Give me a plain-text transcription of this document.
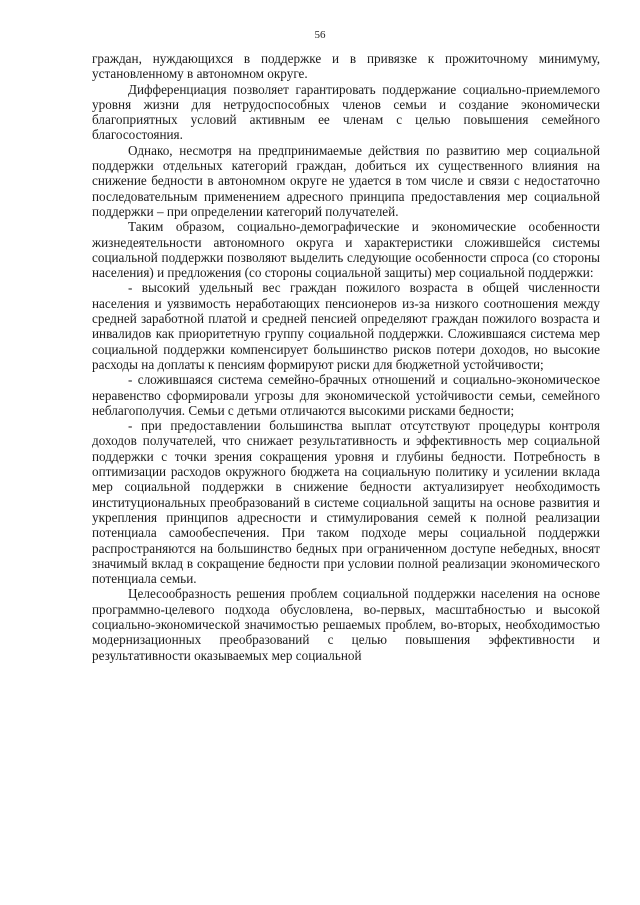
56

граждан, нуждающихся в поддержке и в привязке к прожиточному минимуму, установленному в автономном округе.

Дифференциация позволяет гарантировать поддержание социально-приемлемого уровня жизни для нетрудоспособных членов семьи и создание экономически благоприятных условий активным ее членам с целью повышения семейного благосостояния.

Однако, несмотря на предпринимаемые действия по развитию мер социальной поддержки отдельных категорий граждан, добиться их существенного влияния на снижение бедности в автономном округе не удается в том числе и связи с недостаточно последовательным применением адресного принципа предоставления мер социальной поддержки – при определении категорий получателей.

Таким образом, социально-демографические и экономические особенности жизнедеятельности автономного округа и характеристики сложившейся системы социальной поддержки позволяют выделить следующие особенности спроса (со стороны населения) и предложения (со стороны социальной защиты) мер социальной поддержки:

- высокий удельный вес граждан пожилого возраста в общей численности населения и уязвимость неработающих пенсионеров из-за низкого соотношения между средней заработной платой и средней пенсией определяют граждан пожилого возраста и инвалидов как приоритетную группу социальной поддержки. Сложившаяся система мер социальной поддержки компенсирует большинство рисков потери доходов, но высокие расходы на доплаты к пенсиям формируют риски для бюджетной устойчивости;

- сложившаяся система семейно-брачных отношений и социально-экономическое неравенство сформировали угрозы для экономической устойчивости семьи, семейного неблагополучия. Семьи с детьми отличаются высокими рисками бедности;

- при предоставлении большинства выплат отсутствуют процедуры контроля доходов получателей, что снижает результативность и эффективность мер социальной поддержки с точки зрения сокращения уровня и глубины бедности. Потребность в оптимизации расходов окружного бюджета на социальную политику и усилении вклада мер социальной поддержки в снижение бедности актуализирует необходимость институциональных преобразований в системе социальной защиты на основе развития и укрепления принципов адресности и стимулирования семей к полной реализации потенциала самообеспечения. При таком подходе меры социальной поддержки распространяются на большинство бедных при ограниченном доступе небедных, вносят значимый вклад в сокращение бедности при условии полной реализации экономического потенциала семьи.

Целесообразность решения проблем социальной поддержки населения на основе программно-целевого подхода обусловлена, во-первых, масштабностью и высокой социально-экономической значимостью решаемых проблем, во-вторых, необходимостью модернизационных преобразований с целью повышения эффективности и результативности оказываемых мер социальной
